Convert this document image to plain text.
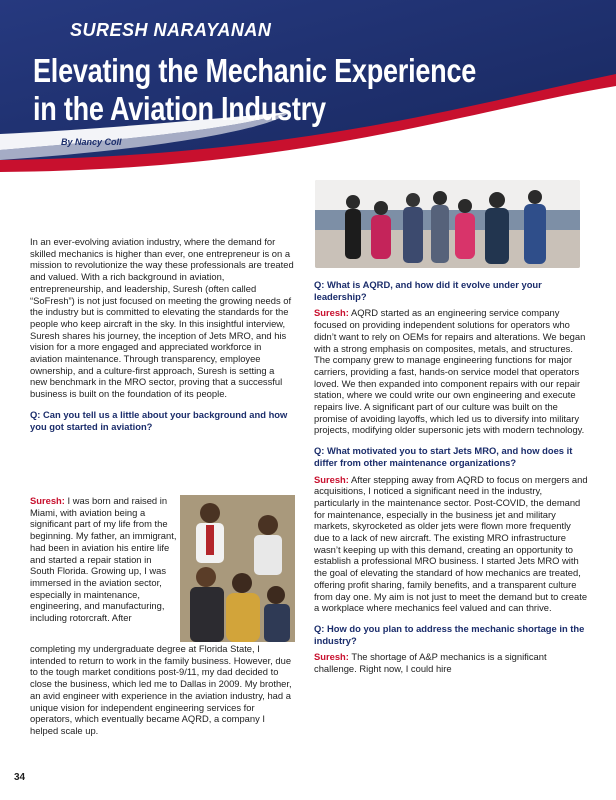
SURESH NARAYANAN
Elevating the Mechanic Experience
in the Aviation Industry
By Nancy Coll

In an ever-evolving aviation industry, where the demand for skilled mechanics is higher than ever, one entrepreneur is on a mission to revolutionize the way these professionals are treated and valued. With a rich background in aviation, entrepreneurship, and leadership, Suresh (often called “SoFresh”) is not just focused on meeting the growing needs of the industry but is committed to elevating the standards for the people who keep aircraft in the sky. In this insightful interview, Suresh shares his journey, the inception of Jets MRO, and his vision for a more engaged and appreciated workforce in aviation maintenance. Through transparency, employee ownership, and a culture-first approach, Suresh is setting a new benchmark in the MRO sector, proving that a successful business is built on the foundation of its people.

Q: Can you tell us a little about your background and how you got started in aviation?

Suresh: I was born and raised in Miami, with aviation being a significant part of my life from the beginning. My father, an immigrant, had been in aviation his entire life and started a repair station in South Florida. Growing up, I was immersed in the aviation sector, especially in maintenance, engineering, and manufacturing, including rotorcraft. After

completing my undergraduate degree at Florida State, I intended to return to work in the family business. However, due to the tough market conditions post-9/11, my dad decided to close the business, which led me to Dallas in 2009. My brother, an avid engineer with experience in the aviation industry, had a unique vision for independent engineering services for operators, which eventually became AQRD, a company I helped scale up.

Q: What is AQRD, and how did it evolve under your leadership?

Suresh: AQRD started as an engineering service company focused on providing independent solutions for operators who didn’t want to rely on OEMs for repairs and alterations. We began with a strong emphasis on composites, metals, and structures. The company grew to manage engineering functions for major carriers, providing a fast, hands-on service model that operators loved. We then expanded into component repairs with our repair station, where we could write our own engineering and execute repairs live. A significant part of our culture was built on the promise of avoiding layoffs, which led us to diversify into military projects, modifying older supersonic jets with modern technology.

Q: What motivated you to start Jets MRO, and how does it differ from other maintenance organizations?

Suresh: After stepping away from AQRD to focus on mergers and acquisitions, I noticed a significant need in the industry, particularly in the maintenance sector. Post-COVID, the demand for maintenance, especially in the business jet and military markets, skyrocketed as older jets were flown more frequently due to a lack of new aircraft. The existing MRO infrastructure wasn’t keeping up with this demand, creating an opportunity to establish a professional MRO business. I started Jets MRO with the goal of elevating the standard of how mechanics are treated, offering profit sharing, family benefits, and a transparent culture from day one. My aim is not just to meet the demand but to create a workplace where mechanics feel valued and can thrive.

Q: How do you plan to address the mechanic shortage in the industry?

Suresh: The shortage of A&P mechanics is a significant challenge. Right now, I could hire

34
